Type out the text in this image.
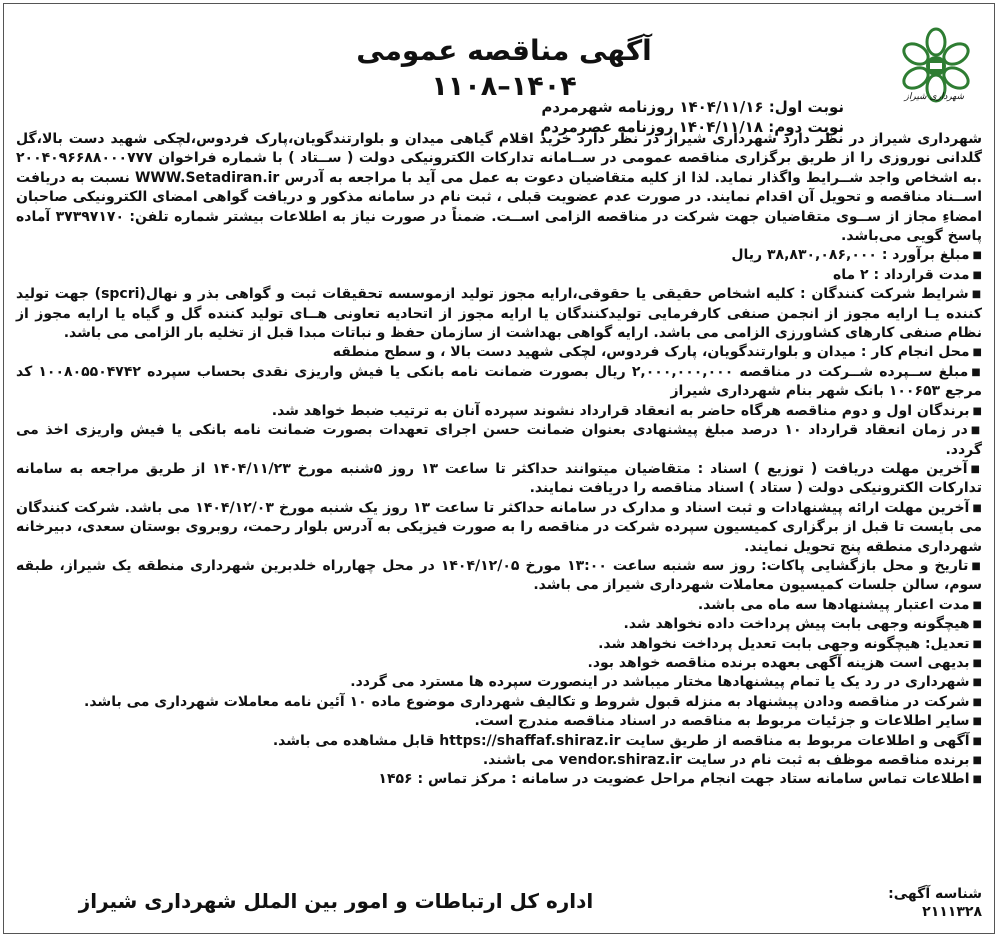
آگهی مناقصه عمومی
۱۴۰۴–۱۱۰۸	شهرداری شیراز

نوبت اول: ۱۴۰۴/۱۱/۱۶ روزنامه شهرمردم

نوبت دوم: ۱۴۰۴/۱۱/۱۸ روزنامه عصرمردم

شهرداری شیراز در نظر دارد شهرداری شیراز در نظر دارد خرید اقلام گیاهی میدان و بلوارتندگویان،پارک فردوس،لچکی شهید دست بالا،گل گلدانی نوروزی را از طریق برگزاری مناقصه عمومی در ســامانه تدارکات الکترونیکی دولت ( ســتاد ) با شماره فراخوان ۲۰۰۴۰۹۶۶۸۸۰۰۰۷۷۷ .به اشخاص واجد شــرایط واگذار نماید. لذا از کلیه متقاضیان دعوت به عمل می آید با مراجعه به آدرس WWW.Setadiran.ir نسبت به دریافت اســناد مناقصه و تحویل آن اقدام نمایند. در صورت عدم عضویت قبلی ، ثبت نام در سامانه مذکور و دریافت گواهی امضای الکترونیکی صاحبان امضاءِ مجاز از ســوی متقاضیان جهت شرکت در مناقصه الزامی اســت. ضمناً در صورت نیاز به اطلاعات بیشتر شماره تلفن: ۳۷۳۹۷۱۷۰ آماده پاسخ گویی می‌باشد.

■ مبلغ برآورد : ۳۸,۸۳۰,۰۸۶,۰۰۰ ریال

■ مدت قرارداد : ۲ ماه

■ شرایط شرکت کنندگان : کلیه اشخاص حقیقی یا حقوقی،ارایه مجوز تولید ازموسسه تحقیقات ثبت و گواهی بذر و نهال(spcri) جهت تولید کننده یـا ارایه مجوز از انجمن صنفی کارفرمایی تولیدکنندگان یا ارایه مجوز از اتحادیه تعاونی هــای تولید کننده گل و گیاه یا ارایه مجوز از نظام صنفی کارهای کشاورزی الزامی می باشد. ارایه گواهی بهداشت از سازمان حفظ و نباتات مبدا قبل از تخلیه بار الزامی می باشد.

■ محل انجام کار : میدان و بلوارتندگویان، پارک فردوس، لچکی شهید دست بالا ، و سطح منطقه

■ مبلغ ســپرده شــرکت در مناقصه ۲,۰۰۰,۰۰۰,۰۰۰ ریال بصورت ضمانت نامه بانکی یا فیش واریزی نقدی بحساب سپرده ۱۰۰۸۰۵۵۰۴۷۴۲ کد مرجع ۱۰۰۶۵۳ بانک شهر بنام شهرداری شیراز

■ برندگان اول و دوم مناقصه هرگاه حاضر به انعقاد قرارداد نشوند سپرده آنان به ترتیب ضبط خواهد شد.

■ در زمان انعقاد قرارداد ۱۰ درصد مبلغ پیشنهادی بعنوان ضمانت حسن اجرای تعهدات بصورت ضمانت نامه بانکی یا فیش واریزی اخذ می گردد.

■ آخرین مهلت دریافت ( توزیع ) اسناد : متقاضیان میتوانند حداکثر تا ساعت ۱۳ روز ۵شنبه مورخ ۱۴۰۴/۱۱/۲۳ از طریق مراجعه به سامانه تدارکات الکترونیکی دولت ( ستاد ) اسناد مناقصه را دریافت نمایند.

■ آخرین مهلت ارائه پیشنهادات و ثبت اسناد و مدارک در سامانه حداکثر تا ساعت ۱۳ روز یک شنبه مورخ ۱۴۰۴/۱۲/۰۳ می باشد. شرکت کنندگان می بایست تا قبل از برگزاری کمیسیون سپرده شرکت در مناقصه را به صورت فیزیکی به آدرس بلوار رحمت، روبروی بوستان سعدی، دبیرخانه شهرداری منطقه پنج تحویل نمایند.

■ تاریخ و محل بازگشایی پاکات: روز سه شنبه ساعت ۱۳:۰۰ مورخ ۱۴۰۴/۱۲/۰۵ در محل چهارراه خلدبرین شهرداری منطقه یک شیراز، طبقه سوم، سالن جلسات کمیسیون معاملات شهرداری شیراز می باشد.

■ مدت اعتبار پیشنهادها سه ماه می باشد.

■ هیچگونه وجهی بابت پیش پرداخت داده نخواهد شد.

■ تعدیل: هیچگونه وجهی بابت تعدیل پرداخت نخواهد شد.

■ بدیهی است هزینه آگهی بعهده برنده مناقصه خواهد بود.

■ شهرداری در رد یک یا تمام پیشنهادها مختار میباشد در اینصورت سپرده ها مسترد می گردد.

■ شرکت در مناقصه ودادن پیشنهاد به منزله قبول شروط و تکالیف شهرداری موضوع ماده ۱۰ آئین نامه معاملات شهرداری می باشد.

■ سایر اطلاعات و جزئیات مربوط به مناقصه در اسناد مناقصه مندرج است.

■ آگهی و اطلاعات مربوط به مناقصه از طریق سایت https://shaffaf.shiraz.ir قابل مشاهده می باشد.

■ برنده مناقصه موظف به ثبت نام در سایت vendor.shiraz.ir می باشند.

■ اطلاعات تماس سامانه ستاد جهت انجام مراحل عضویت در سامانه : مرکز تماس : ۱۴۵۶

شناسه آگهی:

۲۱۱۱۳۲۸

اداره کل ارتباطات و امور بین الملل شهرداری شیراز
